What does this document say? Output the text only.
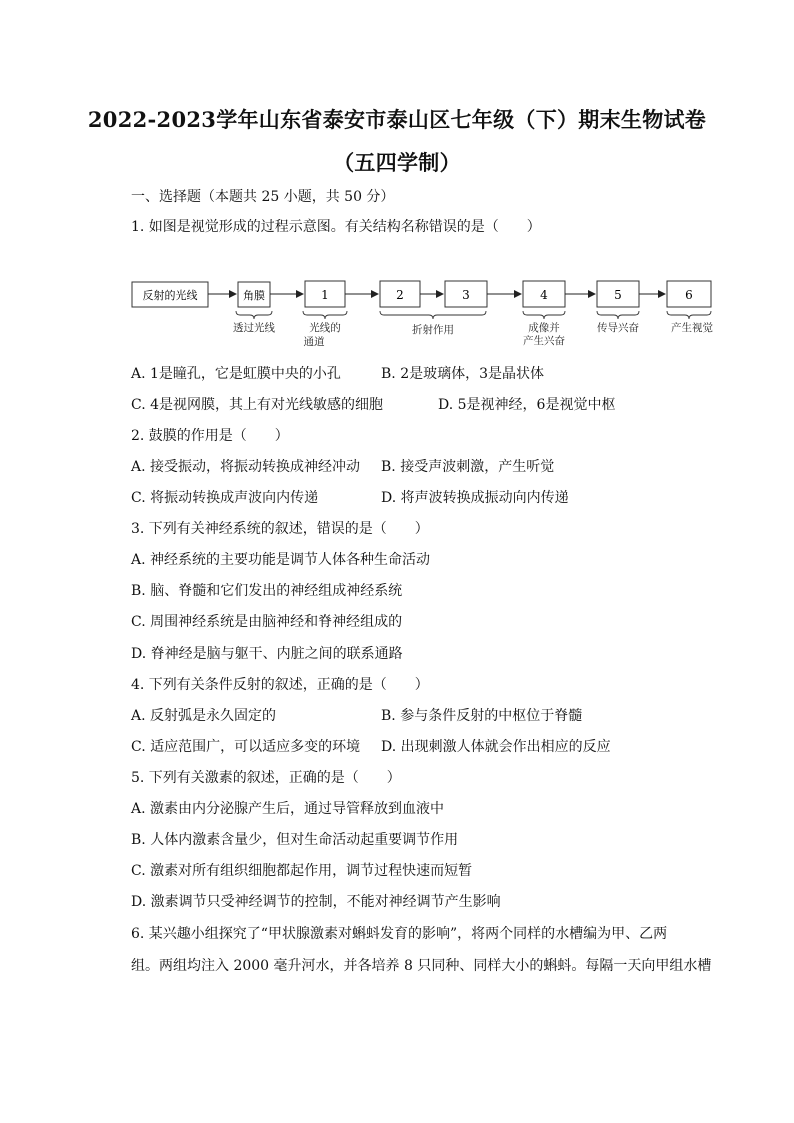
2022-2023学年山东省泰安市泰山区七年级（下）期末生物试卷
（五四学制）
一、选择题（本题共 25 小题，共 50 分）
1. 如图是视觉形成的过程示意图。有关结构名称错误的是（　　）
反射的光线	角膜	1	2	3	4	5	6
透过光线	光线的
通道
折射作用	成像并
产生兴奋
传导兴奋	产生视觉
A. 1是瞳孔，它是虹膜中央的小孔	B. 2是玻璃体，3是晶状体
C. 4是视网膜，其上有对光线敏感的细胞	D. 5是视神经，6是视觉中枢
2. 鼓膜的作用是（　　）
A. 接受振动，将振动转换成神经冲动 B. 接受声波刺激，产生听觉
C. 将振动转换成声波向内传递	D. 将声波转换成振动向内传递
3. 下列有关神经系统的叙述，错误的是（　　）
A. 神经系统的主要功能是调节人体各种生命活动
B. 脑、脊髓和它们发出的神经组成神经系统
C. 周围神经系统是由脑神经和脊神经组成的
D. 脊神经是脑与躯干、内脏之间的联系通路
4. 下列有关条件反射的叙述，正确的是（　　）
A. 反射弧是永久固定的	B. 参与条件反射的中枢位于脊髓
C. 适应范围广，可以适应多变的环境 D. 出现刺激人体就会作出相应的反应
5. 下列有关激素的叙述，正确的是（　　）
A. 激素由内分泌腺产生后，通过导管释放到血液中
B. 人体内激素含量少，但对生命活动起重要调节作用
C. 激素对所有组织细胞都起作用，调节过程快速而短暂
D. 激素调节只受神经调节的控制，不能对神经调节产生影响
6. 某兴趣小组探究了“甲状腺激素对蝌蚪发育的影响”，将两个同样的水槽编为甲、乙两
组。两组均注入 2000 毫升河水，并各培养 8 只同种、同样大小的蝌蚪。每隔一天向甲组水槽
